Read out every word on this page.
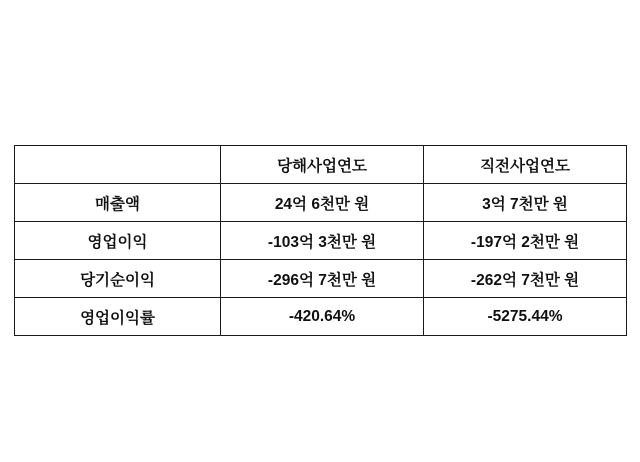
	당해사업연도	직전사업연도
매출액	24억 6천만 원	3억 7천만 원
영업이익	-103억 3천만 원	-197억 2천만 원
당기순이익	-296억 7천만 원	-262억 7천만 원
영업이익률	-420.64%	-5275.44%
